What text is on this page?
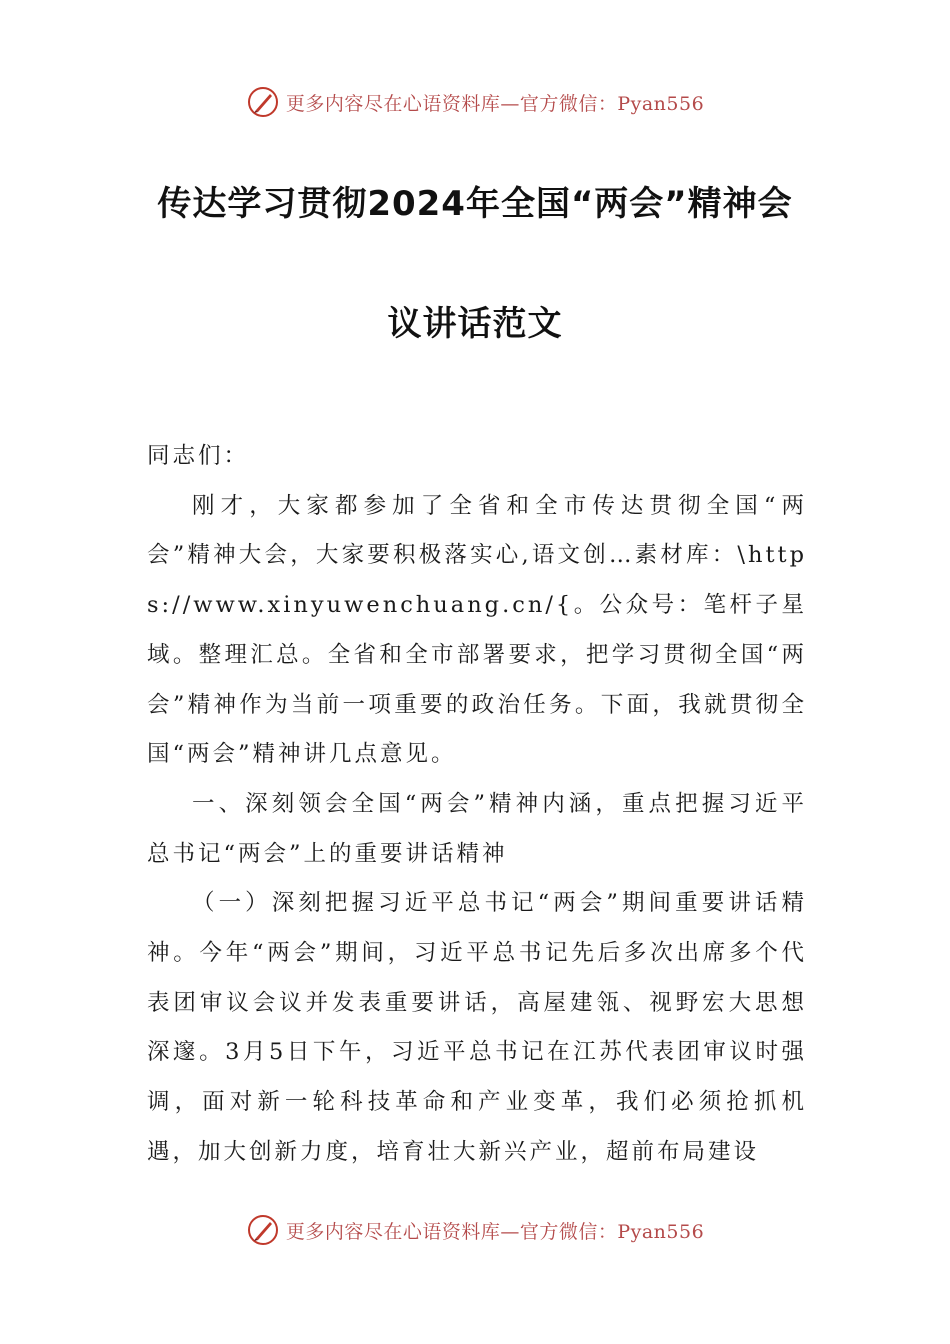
更多内容尽在心语资料库—官方微信：Pyan556
传达学习贯彻2024年全国“两会”精神会
议讲话范文

同志们：

刚才，大家都参加了全省和全市传达贯彻全国“两会”精神大会，大家要积极落实心,语文创…素材库：\https://www.xinyuwenchuang.cn/{。公众号：笔杆子星域。整理汇总。全省和全市部署要求，把学习贯彻全国“两会”精神作为当前一项重要的政治任务。下面，我就贯彻全国“两会”精神讲几点意见。

一、深刻领会全国“两会”精神内涵，重点把握习近平总书记“两会”上的重要讲话精神

（一）深刻把握习近平总书记“两会”期间重要讲话精神。今年“两会”期间，习近平总书记先后多次出席多个代表团审议会议并发表重要讲话，高屋建瓴、视野宏大思想深邃。3月5日下午，习近平总书记在江苏代表团审议时强调，面对新一轮科技革命和产业变革，我们必须抢抓机遇，加大创新力度，培育壮大新兴产业，超前布局建设

更多内容尽在心语资料库—官方微信：Pyan556
